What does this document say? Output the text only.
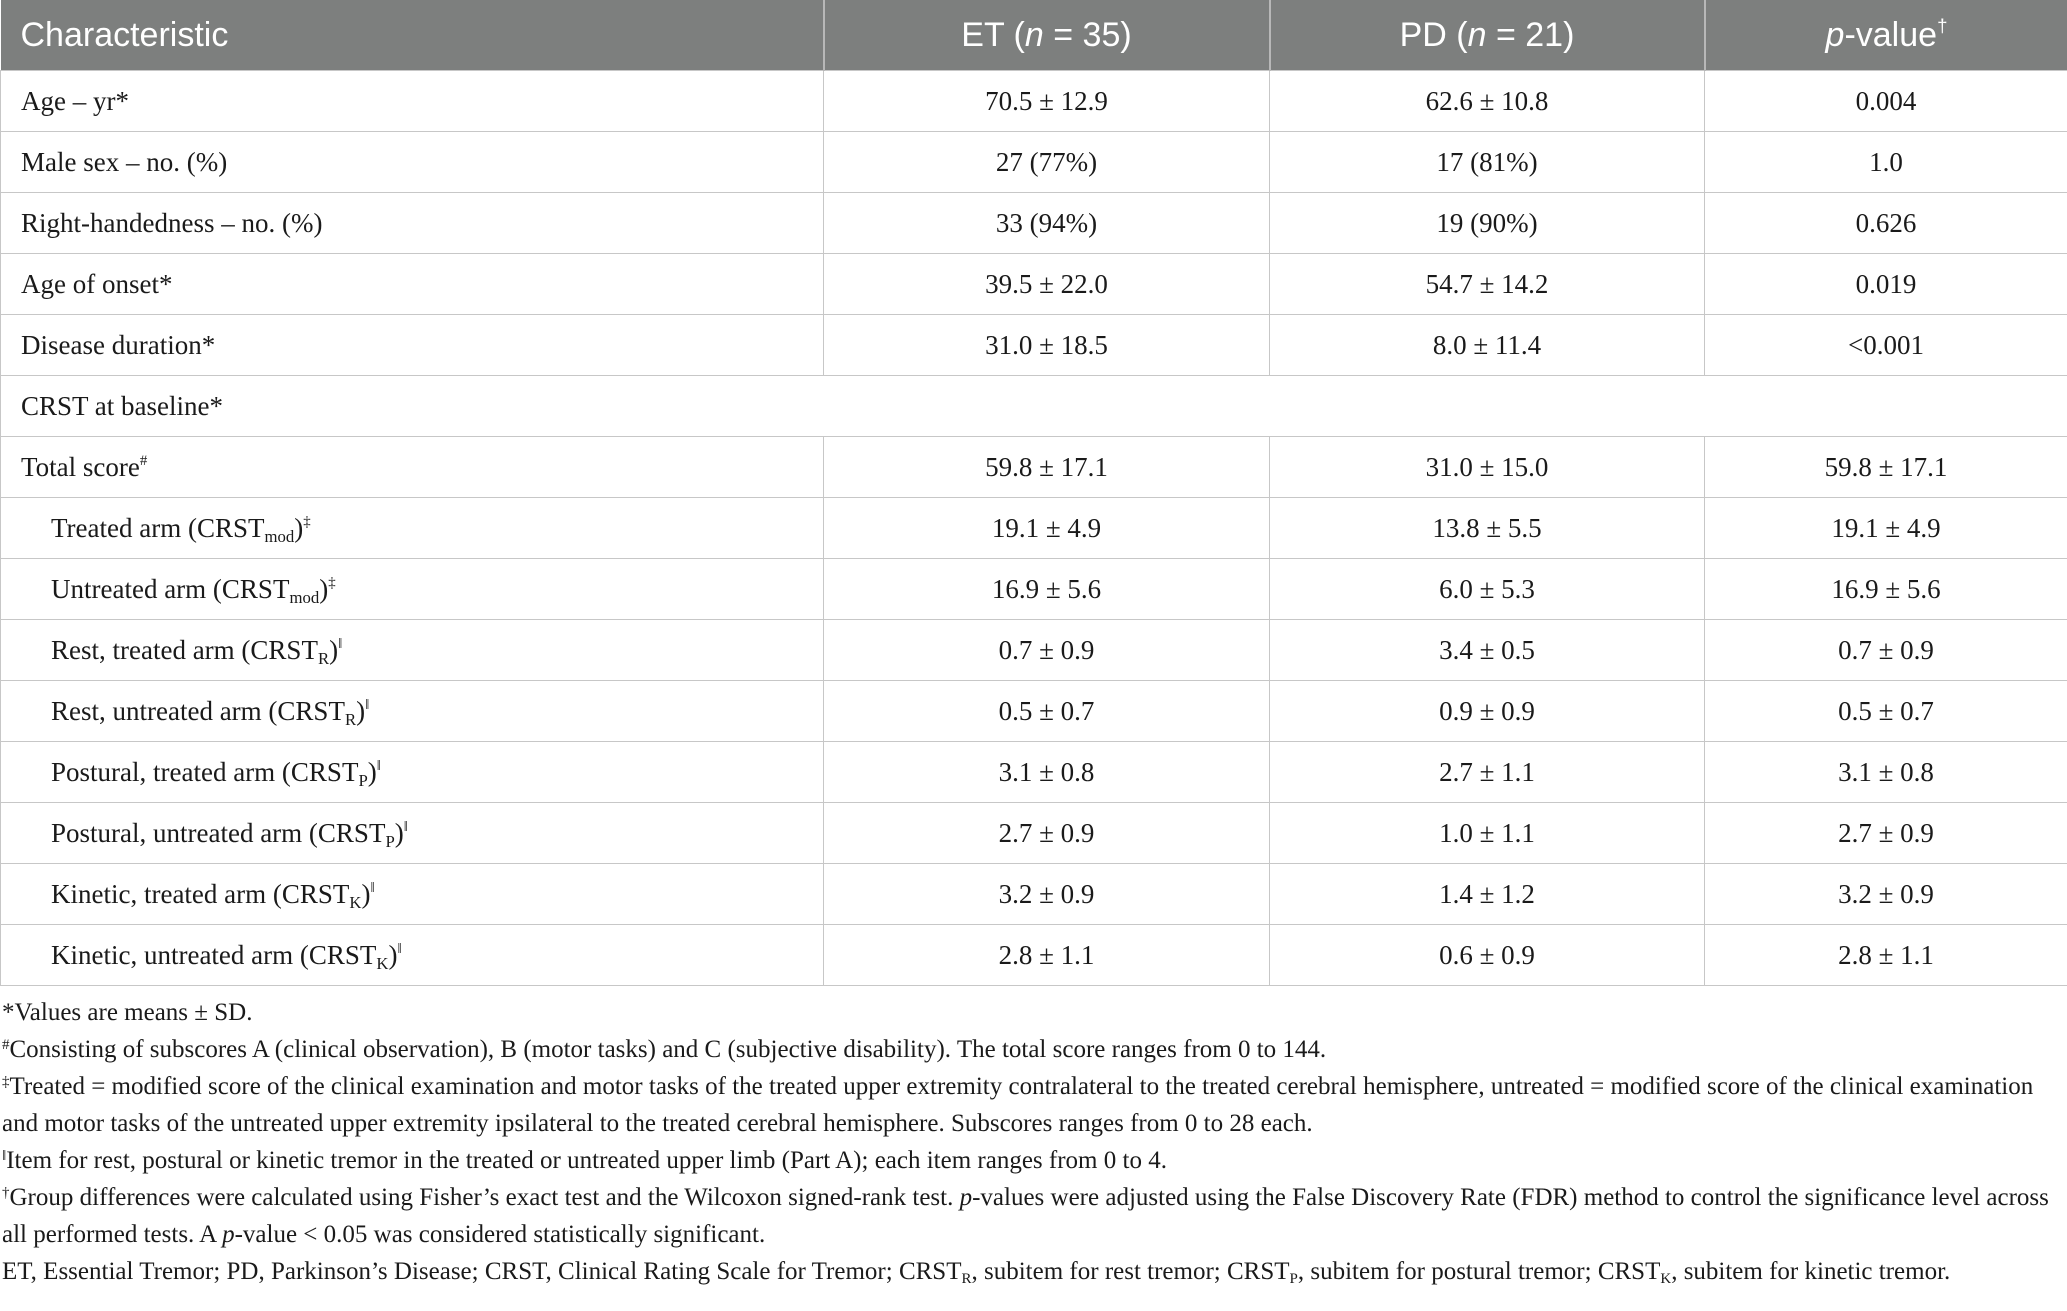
Characteristic	ET (n = 35)	PD (n = 21)	p-value†
Age – yr*	70.5 ± 12.9	62.6 ± 10.8	0.004
Male sex – no. (%)	27 (77%)	17 (81%)	1.0
Right-handedness – no. (%)	33 (94%)	19 (90%)	0.626
Age of onset*	39.5 ± 22.0	54.7 ± 14.2	0.019
Disease duration*	31.0 ± 18.5	8.0 ± 11.4	<0.001
CRST at baseline*			
Total score#	59.8 ± 17.1	31.0 ± 15.0	59.8 ± 17.1
Treated arm $(CRST_{mod})^\ddagger$	19.1 ± 4.9	13.8 ± 5.5	19.1 ± 4.9
Untreated arm $(CRST_{mod})^\ddagger$	16.9 ± 5.6	6.0 ± 5.3	16.9 ± 5.6
Rest, treated arm $(CRST_R)^ǁ$	0.7 ± 0.9	3.4 ± 0.5	0.7 ± 0.9
Rest, untreated arm $(CRST_R)^ǁ$	0.5 ± 0.7	0.9 ± 0.9	0.5 ± 0.7
Postural, treated arm $(CRST_P)^ǁ$	3.1 ± 0.8	2.7 ± 1.1	3.1 ± 0.8
Postural, untreated arm $(CRST_P)^ǁ$	2.7 ± 0.9	1.0 ± 1.1	2.7 ± 0.9
Kinetic, treated arm $(CRST_K)^ǁ$	3.2 ± 0.9	1.4 ± 1.2	3.2 ± 0.9
Kinetic, untreated arm $(CRST_K)^ǁ$	2.8 ± 1.1	0.6 ± 0.9	2.8 ± 1.1

*Values are means ± SD.

#Consisting of subscores A (clinical observation), B (motor tasks) and C (subjective disability). The total score ranges from 0 to 144.

‡Treated = modified score of the clinical examination and motor tasks of the treated upper extremity contralateral to the treated cerebral hemisphere, untreated = modified score of the clinical examination and motor tasks of the untreated upper extremity ipsilateral to the treated cerebral hemisphere. Subscores ranges from 0 to 28 each.

$^ǁ$Item for rest, postural or kinetic tremor in the treated or untreated upper limb (Part A); each item ranges from 0 to 4.

†Group differences were calculated using Fisher’s exact test and the Wilcoxon signed-rank test. p-values were adjusted using the False Discovery Rate (FDR) method to control the significance level across all performed tests. A p-value < 0.05 was considered statistically significant.

ET, Essential Tremor; PD, Parkinson’s Disease; CRST, Clinical Rating Scale for Tremor; $CRST_R$, subitem for rest tremor; $CRST_P$, subitem for postural tremor; $CRST_K$, subitem for kinetic tremor.
